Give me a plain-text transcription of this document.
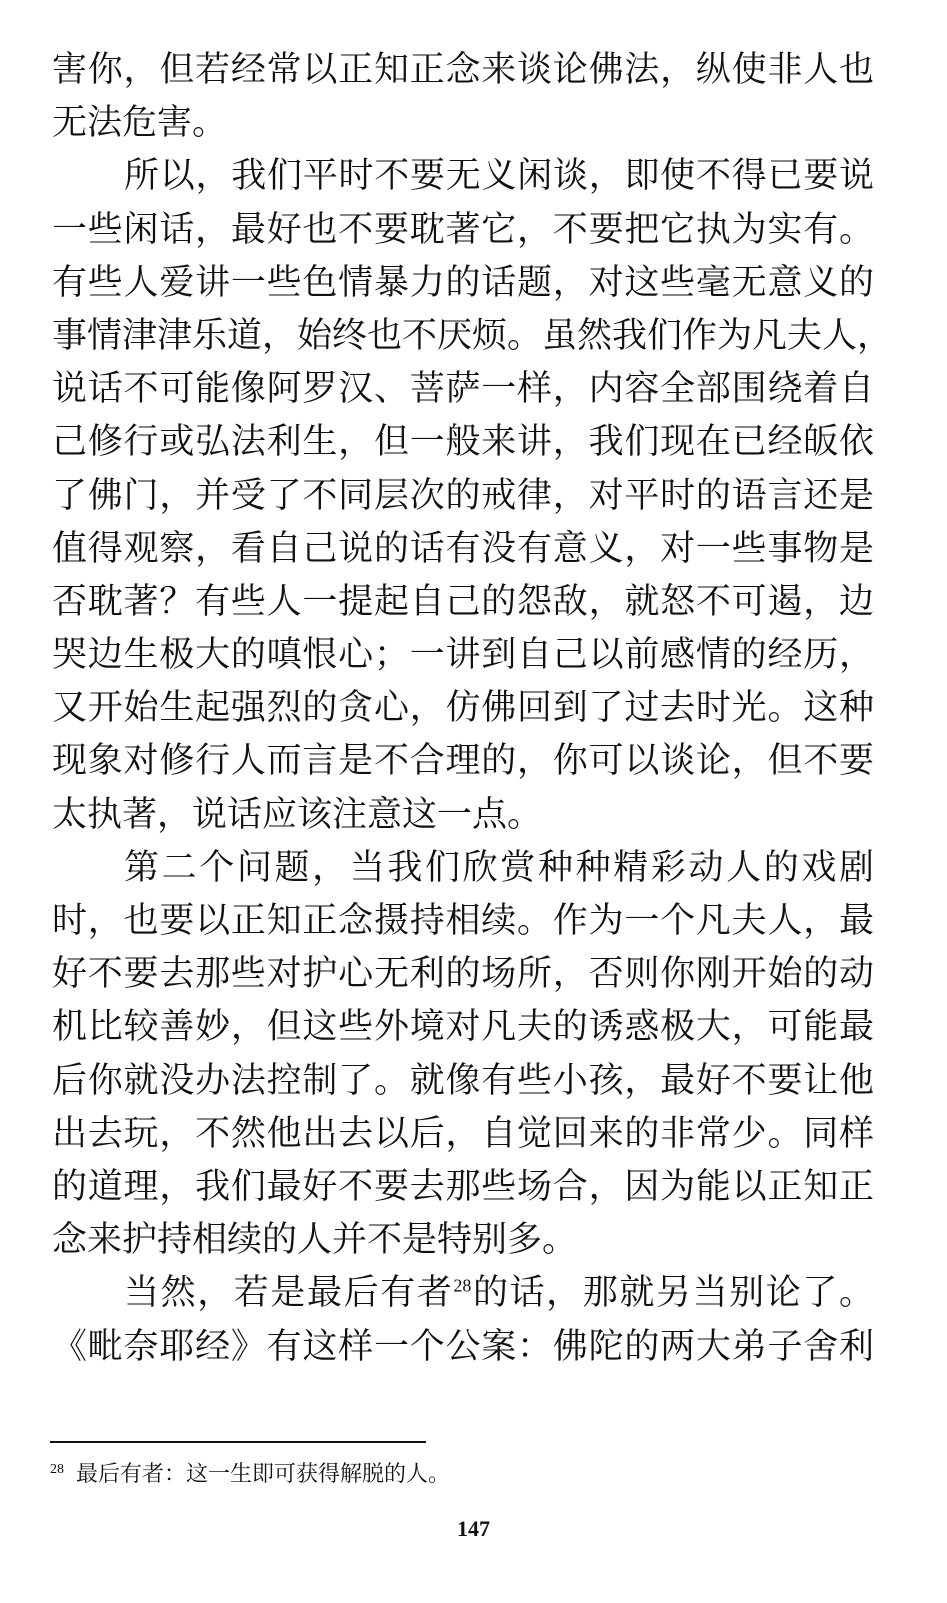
害你，但若经常以正知正念来谈论佛法，纵使非人也
无法危害。
所以，我们平时不要无义闲谈，即使不得已要说
一些闲话，最好也不要耽著它，不要把它执为实有。
有些人爱讲一些色情暴力的话题，对这些毫无意义的
事情津津乐道，始终也不厌烦。虽然我们作为凡夫人，
说话不可能像阿罗汉、菩萨一样，内容全部围绕着自
己修行或弘法利生，但一般来讲，我们现在已经皈依
了佛门，并受了不同层次的戒律，对平时的语言还是
值得观察，看自己说的话有没有意义，对一些事物是
否耽著？有些人一提起自己的怨敌，就怒不可遏，边
哭边生极大的嗔恨心；一讲到自己以前感情的经历，
又开始生起强烈的贪心，仿佛回到了过去时光。这种
现象对修行人而言是不合理的，你可以谈论，但不要
太执著，说话应该注意这一点。
第二个问题，当我们欣赏种种精彩动人的戏剧
时，也要以正知正念摄持相续。作为一个凡夫人，最
好不要去那些对护心无利的场所，否则你刚开始的动
机比较善妙，但这些外境对凡夫的诱惑极大，可能最
后你就没办法控制了。就像有些小孩，最好不要让他
出去玩，不然他出去以后，自觉回来的非常少。同样
的道理，我们最好不要去那些场合，因为能以正知正
念来护持相续的人并不是特别多。
当然，若是最后有者$^{28}$的话，那就另当别论了。
《毗奈耶经》有这样一个公案：佛陀的两大弟子舍利
$^{28}$ 最后有者：这一生即可获得解脱的人。
147
